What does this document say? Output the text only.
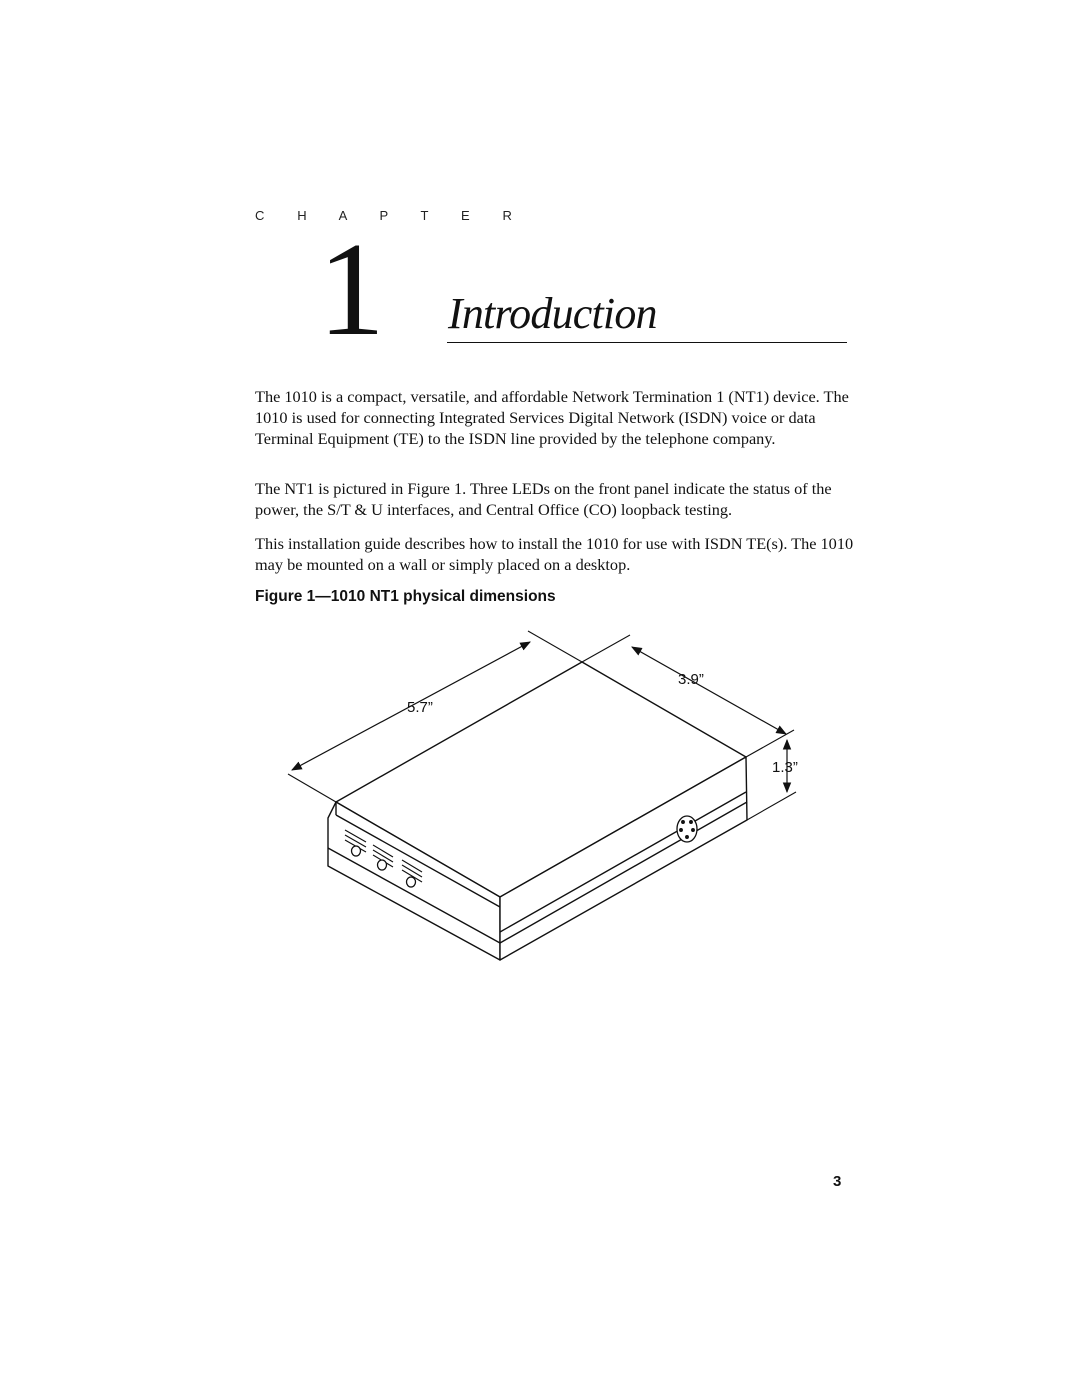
C H A P T E R
1 Introduction

The 1010 is a compact, versatile, and affordable Network Termination 1 (NT1) device. The 1010 is used for connecting Integrated Services Digital Network (ISDN) voice or data Terminal Equipment (TE) to the ISDN line provided by the telephone company.

The NT1 is pictured in Figure 1. Three LEDs on the front panel indicate the status of the power, the S/T & U interfaces, and Central Office (CO) loopback testing.

This installation guide describes how to install the 1010 for use with ISDN TE(s). The 1010 may be mounted on a wall or simply placed on a desktop.

Figure 1—1010 NT1 physical dimensions

5.7”
3.9”
1.3”
3
